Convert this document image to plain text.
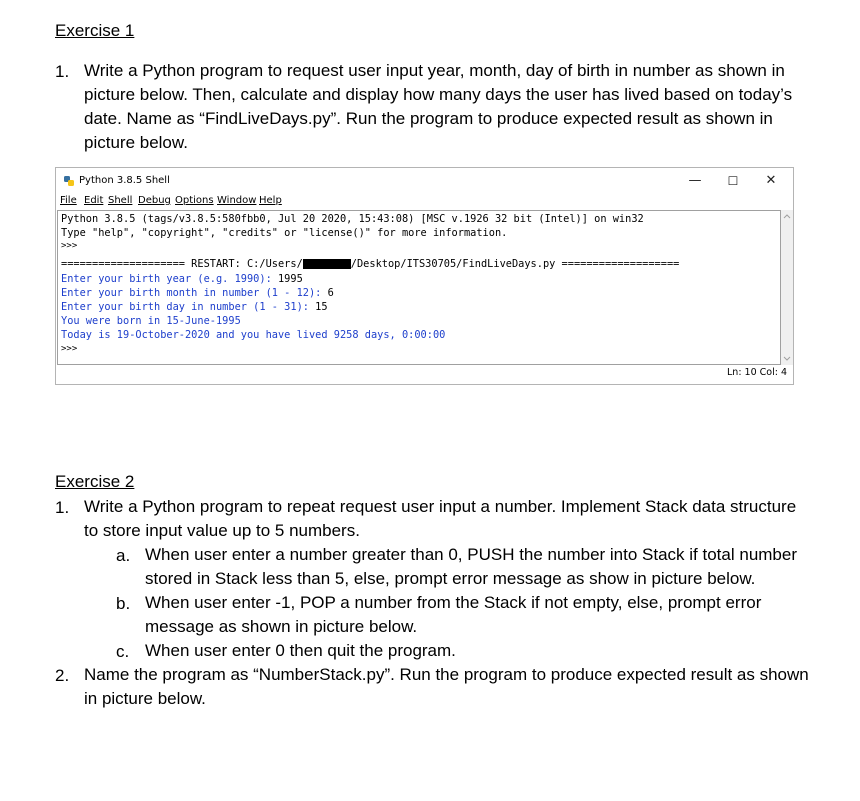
Exercise 1
1. Write a Python program to request user input year, month, day of birth in number as shown in
picture below. Then, calculate and display how many days the user has lived based on today’s
date. Name as “FindLiveDays.py”. Run the program to produce expected result as shown in
picture below.
Python 3.8.5 Shell	—	☐	✕
File Edit Shell Debug Options Window Help
Python 3.8.5 (tags/v3.8.5:580fbb0, Jul 20 2020, 15:43:08) [MSC v.1926 32 bit (Intel)] on win32
Type "help", "copyright", "credits" or "license()" for more information.
>>>
==================== RESTART: C:/Users/	/Desktop/ITS30705/FindLiveDays.py ===================
Enter your birth year (e.g. 1990): 1995
Enter your birth month in number (1 - 12): 6
Enter your birth day in number (1 - 31): 15
You were born in 15-June-1995
Today is 19-October-2020 and you have lived 9258 days, 0:00:00
>>>
Ln: 10 Col: 4
Exercise 2
1. Write a Python program to repeat request user input a number. Implement Stack data structure
to store input value up to 5 numbers.
a. When user enter a number greater than 0, PUSH the number into Stack if total number
stored in Stack less than 5, else, prompt error message as show in picture below.
b. When user enter -1, POP a number from the Stack if not empty, else, prompt error
message as shown in picture below.
c. When user enter 0 then quit the program.
2. Name the program as “NumberStack.py”. Run the program to produce expected result as shown
in picture below.
